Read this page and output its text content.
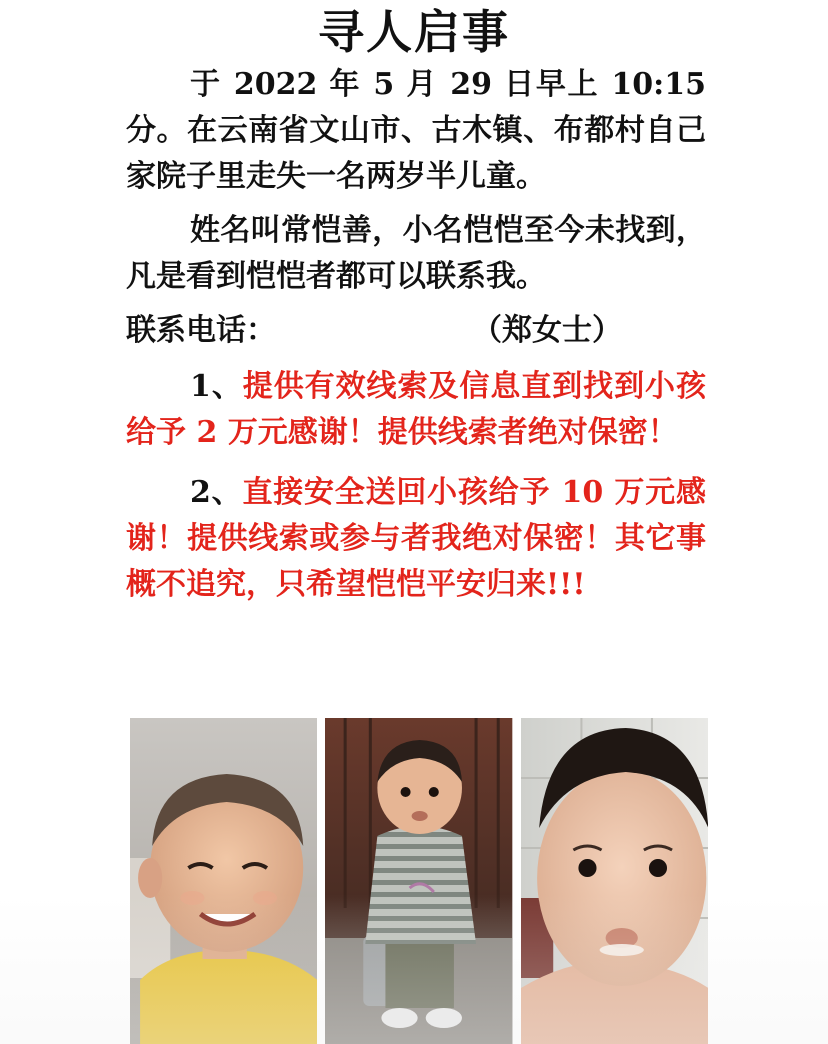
寻人启事

于 2022 年 5 月 29 日早上 10:15 分。在云南省文山市、古木镇、布都村自己家院子里走失一名两岁半儿童。

姓名叫常恺善，小名恺恺至今未找到，凡是看到恺恺者都可以联系我。

联系电话：	（郑女士）

1、提供有效线索及信息直到找到小孩给予 2 万元感谢！提供线索者绝对保密！

2、直接安全送回小孩给予 10 万元感谢！提供线索或参与者我绝对保密！其它事概不追究，只希望恺恺平安归来!!!
